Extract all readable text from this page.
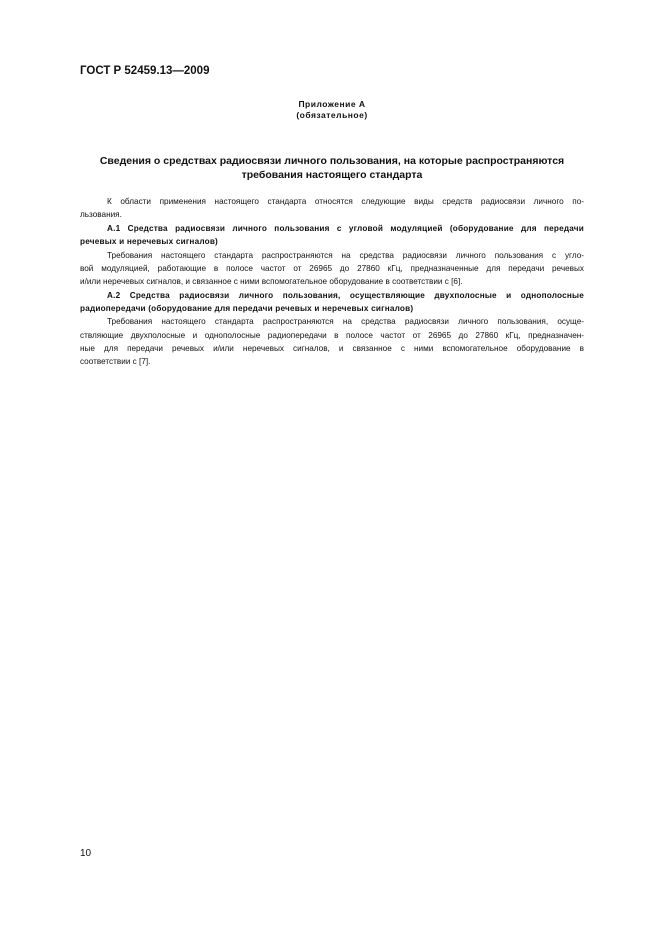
ГОСТ Р 52459.13—2009
Приложение А
(обязательное)
Сведения о средствах радиосвязи личного пользования, на которые распространяются
требования настоящего стандарта
К области применения настоящего стандарта относятся следующие виды средств радиосвязи личного по-
льзования.
А.1 Средства радиосвязи личного пользования с угловой модуляцией (оборудование для передачи
речевых и неречевых сигналов)
Требования настоящего стандарта распространяются на средства радиосвязи личного пользования с угло-
вой модуляцией, работающие в полосе частот от 26965 до 27860 кГц, предназначенные для передачи речевых
и/или неречевых сигналов, и связанное с ними вспомогательное оборудование в соответствии с [6].
А.2 Средства радиосвязи личного пользования, осуществляющие двухполосные и однополосные
радиопередачи (оборудование для передачи речевых и неречевых сигналов)
Требования настоящего стандарта распространяются на средства радиосвязи личного пользования, осуще-
ствляющие двухполосные и однополосные радиопередачи в полосе частот от 26965 до 27860 кГц, предназначен-
ные для передачи речевых и/или неречевых сигналов, и связанное с ними вспомогательное оборудование в
соответствии с [7].
10
